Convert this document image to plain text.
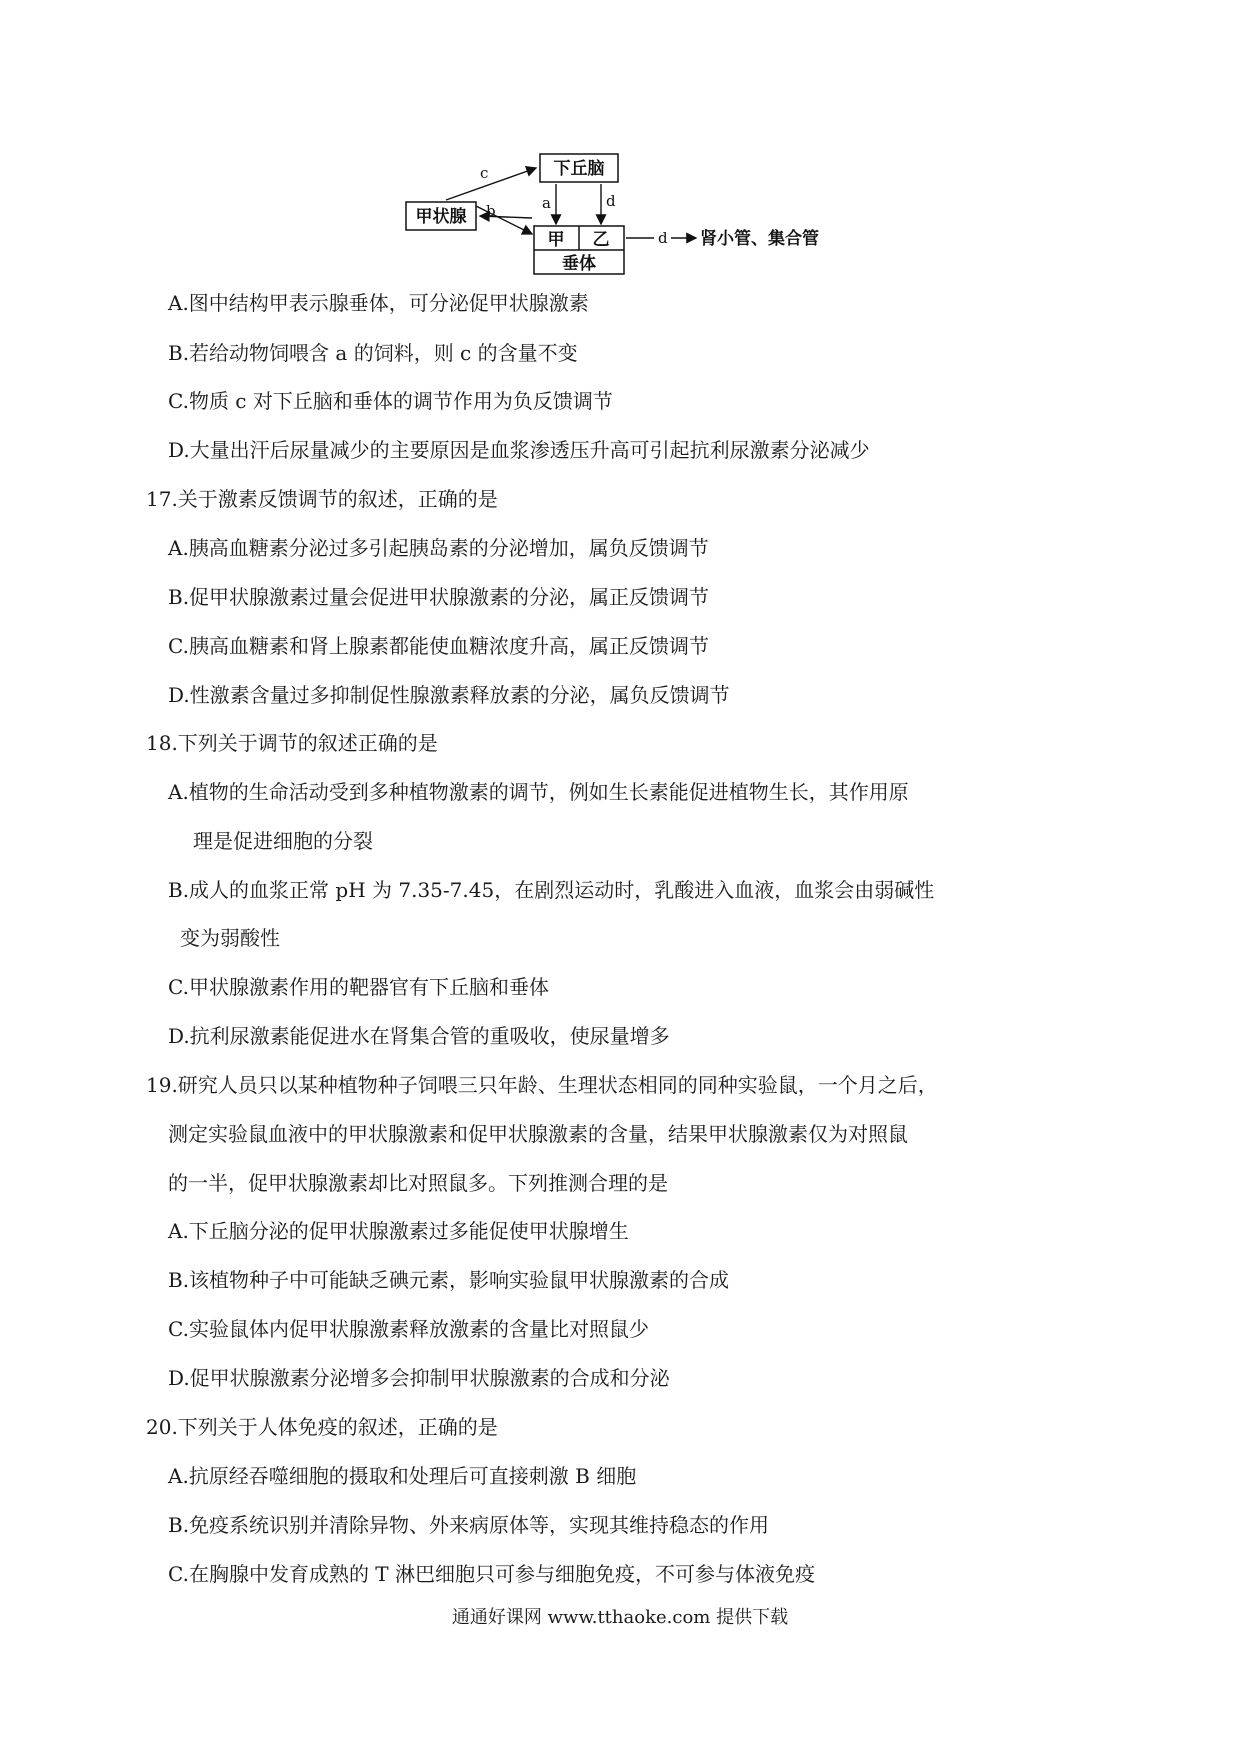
下丘脑
甲状腺
甲 乙
垂体
c
b	a	d
d 肾小管、集合管
A.图中结构甲表示腺垂体，可分泌促甲状腺激素
B.若给动物饲喂含 a 的饲料，则 c 的含量不变
C.物质 c 对下丘脑和垂体的调节作用为负反馈调节
D.大量出汗后尿量减少的主要原因是血浆渗透压升高可引起抗利尿激素分泌减少
17.关于激素反馈调节的叙述，正确的是
A.胰高血糖素分泌过多引起胰岛素的分泌增加，属负反馈调节
B.促甲状腺激素过量会促进甲状腺激素的分泌，属正反馈调节
C.胰高血糖素和肾上腺素都能使血糖浓度升高，属正反馈调节
D.性激素含量过多抑制促性腺激素释放素的分泌，属负反馈调节
18.下列关于调节的叙述正确的是
A.植物的生命活动受到多种植物激素的调节，例如生长素能促进植物生长，其作用原
理是促进细胞的分裂
B.成人的血浆正常 pH 为 7.35-7.45，在剧烈运动时，乳酸进入血液，血浆会由弱碱性
变为弱酸性
C.甲状腺激素作用的靶器官有下丘脑和垂体
D.抗利尿激素能促进水在肾集合管的重吸收，使尿量增多
19.研究人员只以某种植物种子饲喂三只年龄、生理状态相同的同种实验鼠，一个月之后，
测定实验鼠血液中的甲状腺激素和促甲状腺激素的含量，结果甲状腺激素仅为对照鼠
的一半，促甲状腺激素却比对照鼠多。下列推测合理的是
A.下丘脑分泌的促甲状腺激素过多能促使甲状腺增生
B.该植物种子中可能缺乏碘元素，影响实验鼠甲状腺激素的合成
C.实验鼠体内促甲状腺激素释放激素的含量比对照鼠少
D.促甲状腺激素分泌增多会抑制甲状腺激素的合成和分泌
20.下列关于人体免疫的叙述，正确的是
A.抗原经吞噬细胞的摄取和处理后可直接刺激 B 细胞
B.免疫系统识别并清除异物、外来病原体等，实现其维持稳态的作用
C.在胸腺中发育成熟的 T 淋巴细胞只可参与细胞免疫，不可参与体液免疫
通通好课网 www.tthaoke.com 提供下载
